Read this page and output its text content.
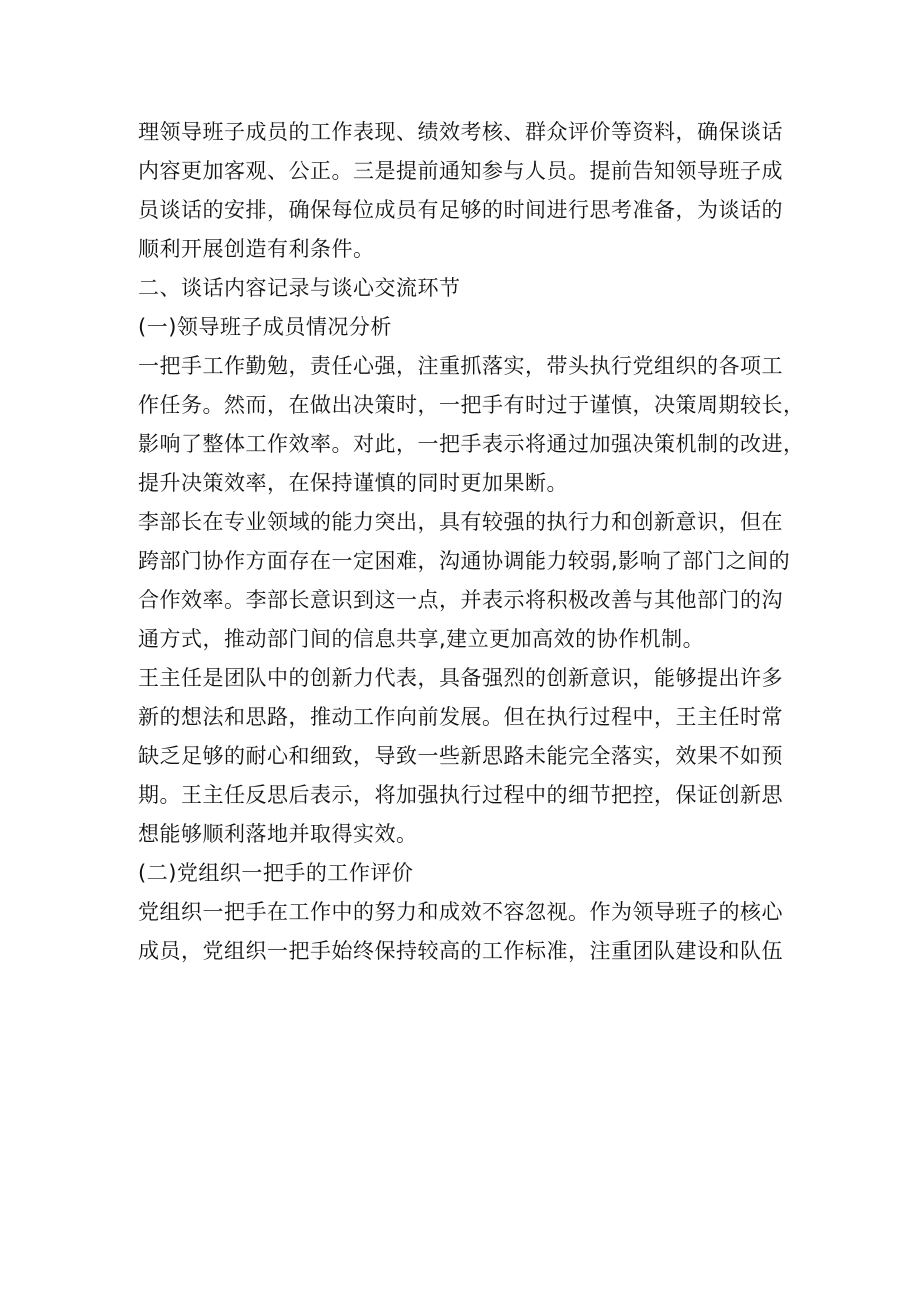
理领导班子成员的工作表现、绩效考核、群众评价等资料，确保谈话
内容更加客观、公正。三是提前通知参与人员。提前告知领导班子成
员谈话的安排，确保每位成员有足够的时间进行思考准备，为谈话的
顺利开展创造有利条件。
二、谈话内容记录与谈心交流环节
(一)领导班子成员情况分析
一把手工作勤勉，责任心强，注重抓落实，带头执行党组织的各项工
作任务。然而，在做出决策时，一把手有时过于谨慎，决策周期较长，
影响了整体工作效率。对此，一把手表示将通过加强决策机制的改进，
提升决策效率，在保持谨慎的同时更加果断。
李部长在专业领域的能力突出，具有较强的执行力和创新意识，但在
跨部门协作方面存在一定困难，沟通协调能力较弱,影响了部门之间的
合作效率。李部长意识到这一点，并表示将积极改善与其他部门的沟
通方式，推动部门间的信息共享,建立更加高效的协作机制。
王主任是团队中的创新力代表，具备强烈的创新意识，能够提出许多
新的想法和思路，推动工作向前发展。但在执行过程中，王主任时常
缺乏足够的耐心和细致，导致一些新思路未能完全落实，效果不如预
期。王主任反思后表示，将加强执行过程中的细节把控，保证创新思
想能够顺利落地并取得实效。
(二)党组织一把手的工作评价
党组织一把手在工作中的努力和成效不容忽视。作为领导班子的核心
成员，党组织一把手始终保持较高的工作标准，注重团队建设和队伍
